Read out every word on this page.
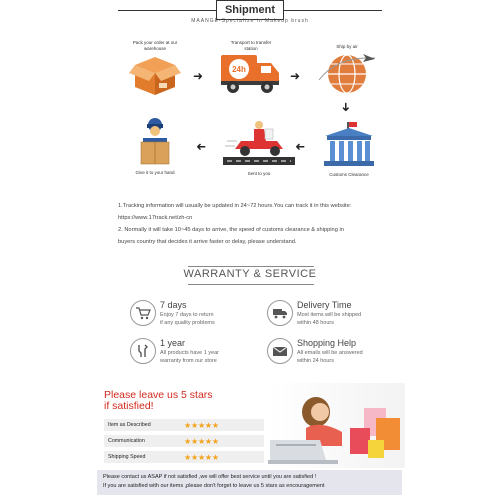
Shipment
MAANGE-Specialize in Makeup brush
Pack your order at our warehouse
➜
Transport to transfer station
24h	➜
Ship by air
➜
Customs Clearance
➜
Sent to you
➜
Give it to your hand
1.Tracking information will usually be updated in 24~72 hours.You can track it in this website:
https://www.17track.net/zh-cn
2. Normally it will take 10~45 days to arrive, the speed of customs clearance & shipping in
buyers country that decides it arrive faster or delay, please understand.
WARRANTY & SERVICE
7 days
Enjoy 7 days to return
if any quality problems
Delivery Time
Most items will be shipped
within 48 hours
1 year
All products have 1 year
warranty from our store
Shopping Help
All emails will be answered
within 24 hours
Please leave us 5 stars
if satisfied!
Item as Described	★★★★★
Communication	★★★★★
Shipping Speed	★★★★★
Please contact us ASAP if not satisfied ,we will offer best service until you are satisfied !
If you are satisfied with our items ,please don't forget to leave us 5 stars as encouragement
